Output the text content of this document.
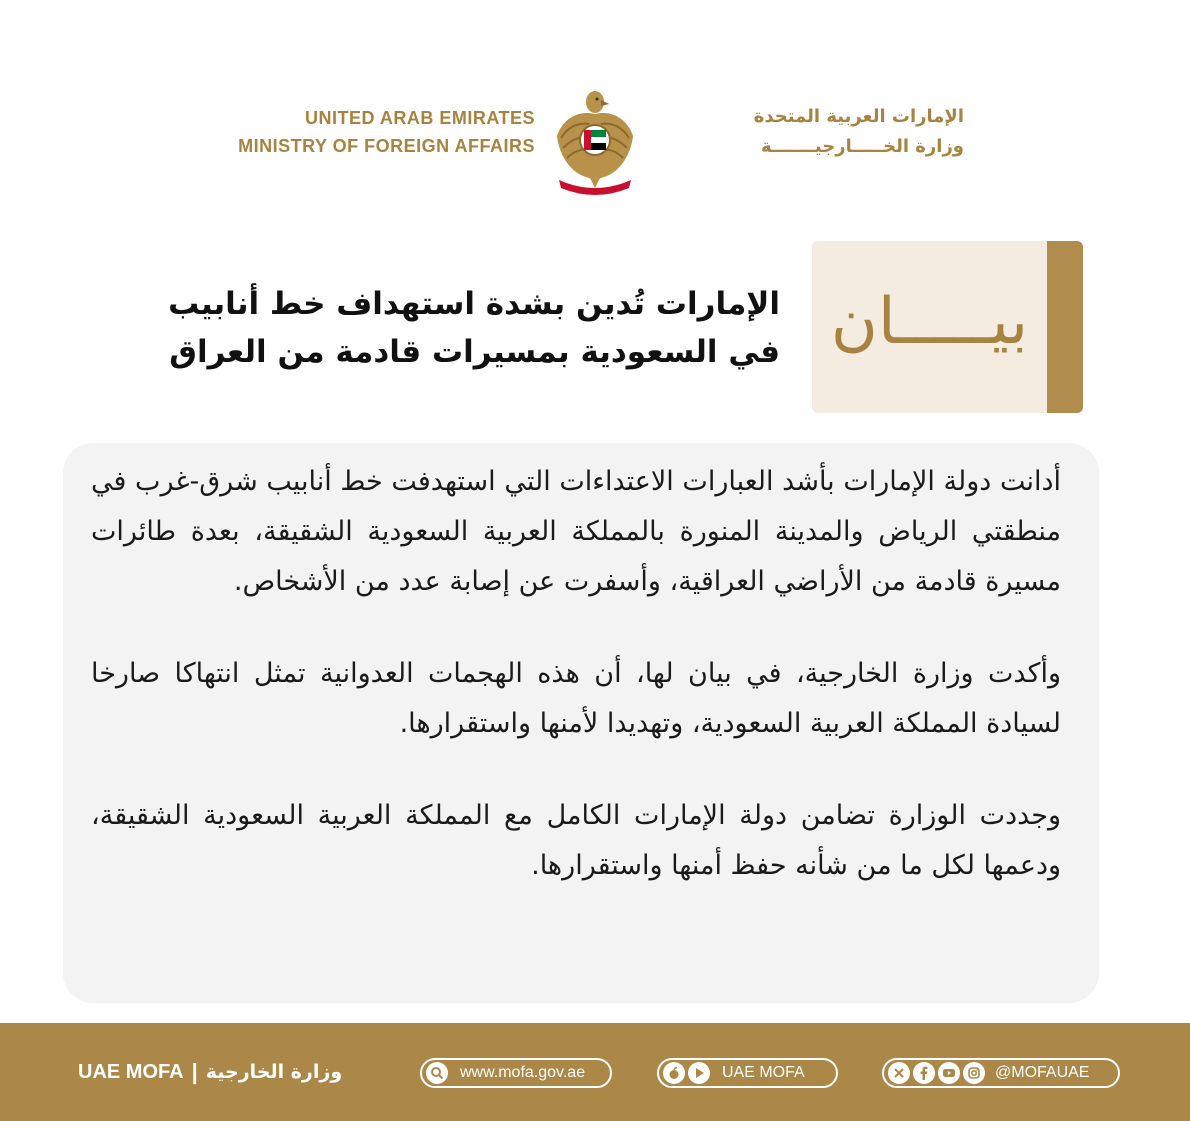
UNITED ARAB EMIRATES
MINISTRY OF FOREIGN AFFAIRS
الإمارات العربية المتحدة
وزارة الخـــــارجيـــــــة
بيـــــان
الإمارات تُدين بشدة استهداف خط أنابيب
في السعودية بمسيرات قادمة من العراق

أدانت دولة الإمارات بأشد العبارات الاعتداءات التي استهدفت خط أنابيب شرق-غرب في منطقتي الرياض والمدينة المنورة بالمملكة العربية السعودية الشقيقة، بعدة طائرات مسيرة قادمة من الأراضي العراقية، وأسفرت عن إصابة عدد من الأشخاص.

وأكدت وزارة الخارجية، في بيان لها، أن هذه الهجمات العدوانية تمثل انتهاكا صارخا لسيادة المملكة العربية السعودية، وتهديدا لأمنها واستقرارها.

وجددت الوزارة تضامن دولة الإمارات الكامل مع المملكة العربية السعودية الشقيقة، ودعمها لكل ما من شأنه حفظ أمنها واستقرارها.

UAE MOFA | وزارة الخارجية	www.mofa.gov.ae	UAE MOFA	@MOFAUAE
